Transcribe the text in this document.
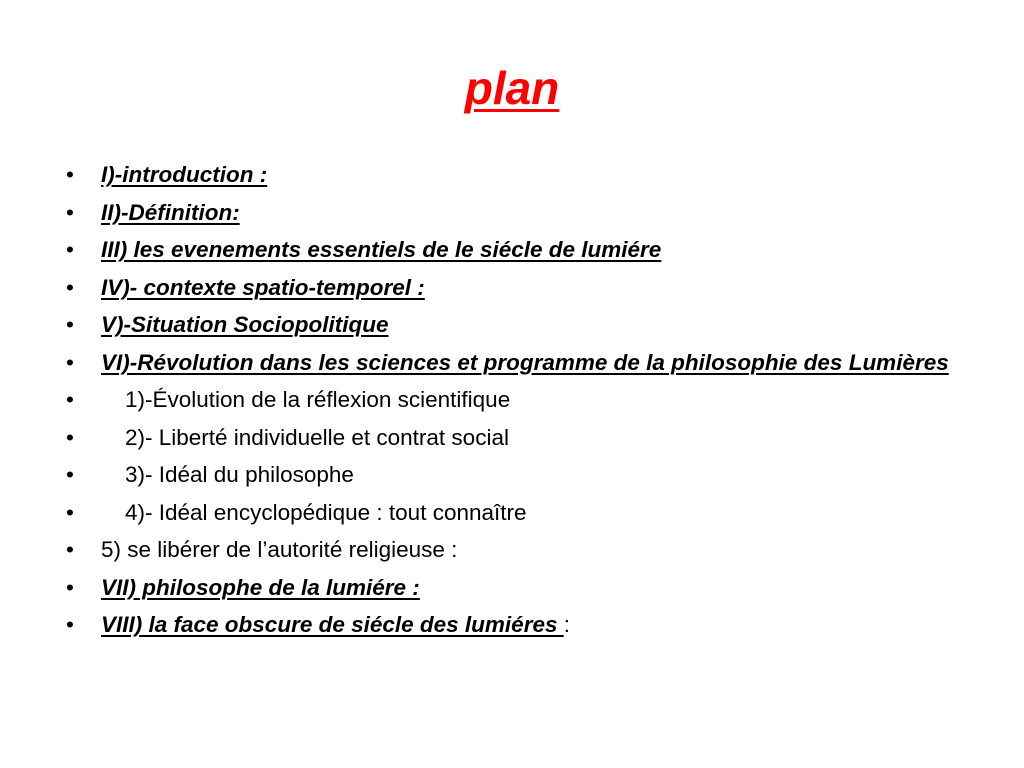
plan
•	I)-introduction :
•	II)-Définition:
•	III) les evenements essentiels de le siécle de lumiére
•	IV)- contexte spatio-temporel :
•	V)-Situation Sociopolitique
•	VI)-Révolution dans les sciences et programme de la philosophie des Lumières
•	1)-Évolution de la réflexion scientifique
•	2)- Liberté individuelle et contrat social
•	3)- Idéal du philosophe
•	4)- Idéal encyclopédique : tout connaître
•	5) se libérer de l’autorité religieuse :
•	VII) philosophe de la lumiére :
•	VIII) la face obscure de siécle des lumiéres :
